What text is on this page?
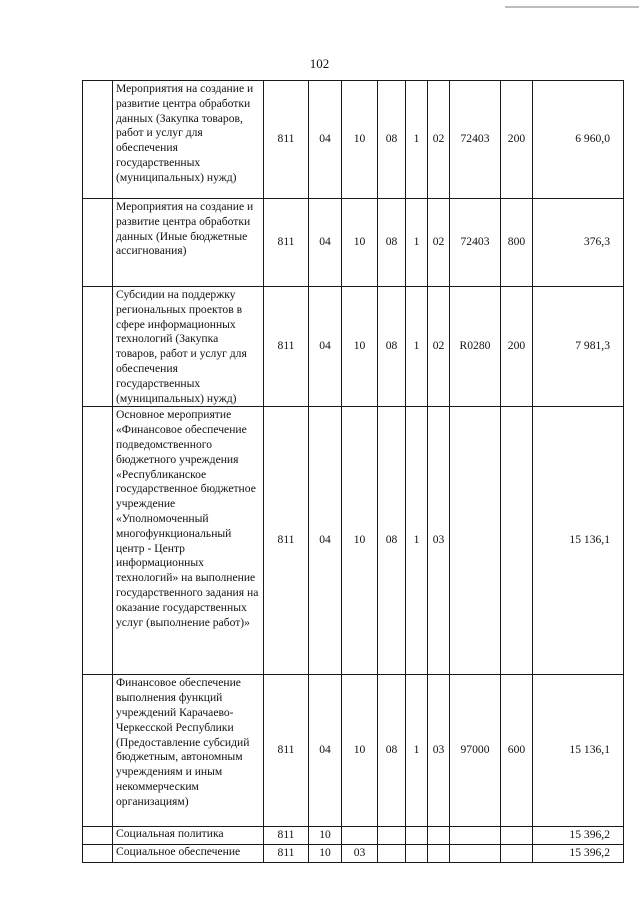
102
	Мероприятия на создание и развитие центра обработки данных (Закупка товаров, работ и услуг для обеспечения государственных (муниципальных) нужд)	811	04	10	08	1	02	72403	200	6 960,0
	Мероприятия на создание и развитие центра обработки данных (Иные бюджетные ассигнования)	811	04	10	08	1	02	72403	800	376,3
	Субсидии на поддержку региональных проектов в сфере информационных технологий (Закупка товаров, работ и услуг для обеспечения государственных (муниципальных) нужд)	811	04	10	08	1	02	R0280	200	7 981,3
	Основное мероприятие «Финансовое обеспечение подведомственного бюджетного учреждения «Республиканское государственное бюджетное учреждение «Уполномоченный многофункциональный центр - Центр информационных технологий» на выполнение государственного задания на оказание государственных услуг (выполнение работ)»	811	04	10	08	1	03			15 136,1
	Финансовое обеспечение выполнения функций учреждений Карачаево-Черкесской Республики (Предоставление субсидий бюджетным, автономным учреждениям и иным некоммерческим организациям)	811	04	10	08	1	03	97000	600	15 136,1
	Социальная политика	811	10							15 396,2
	Социальное обеспечение	811	10	03						15 396,2
